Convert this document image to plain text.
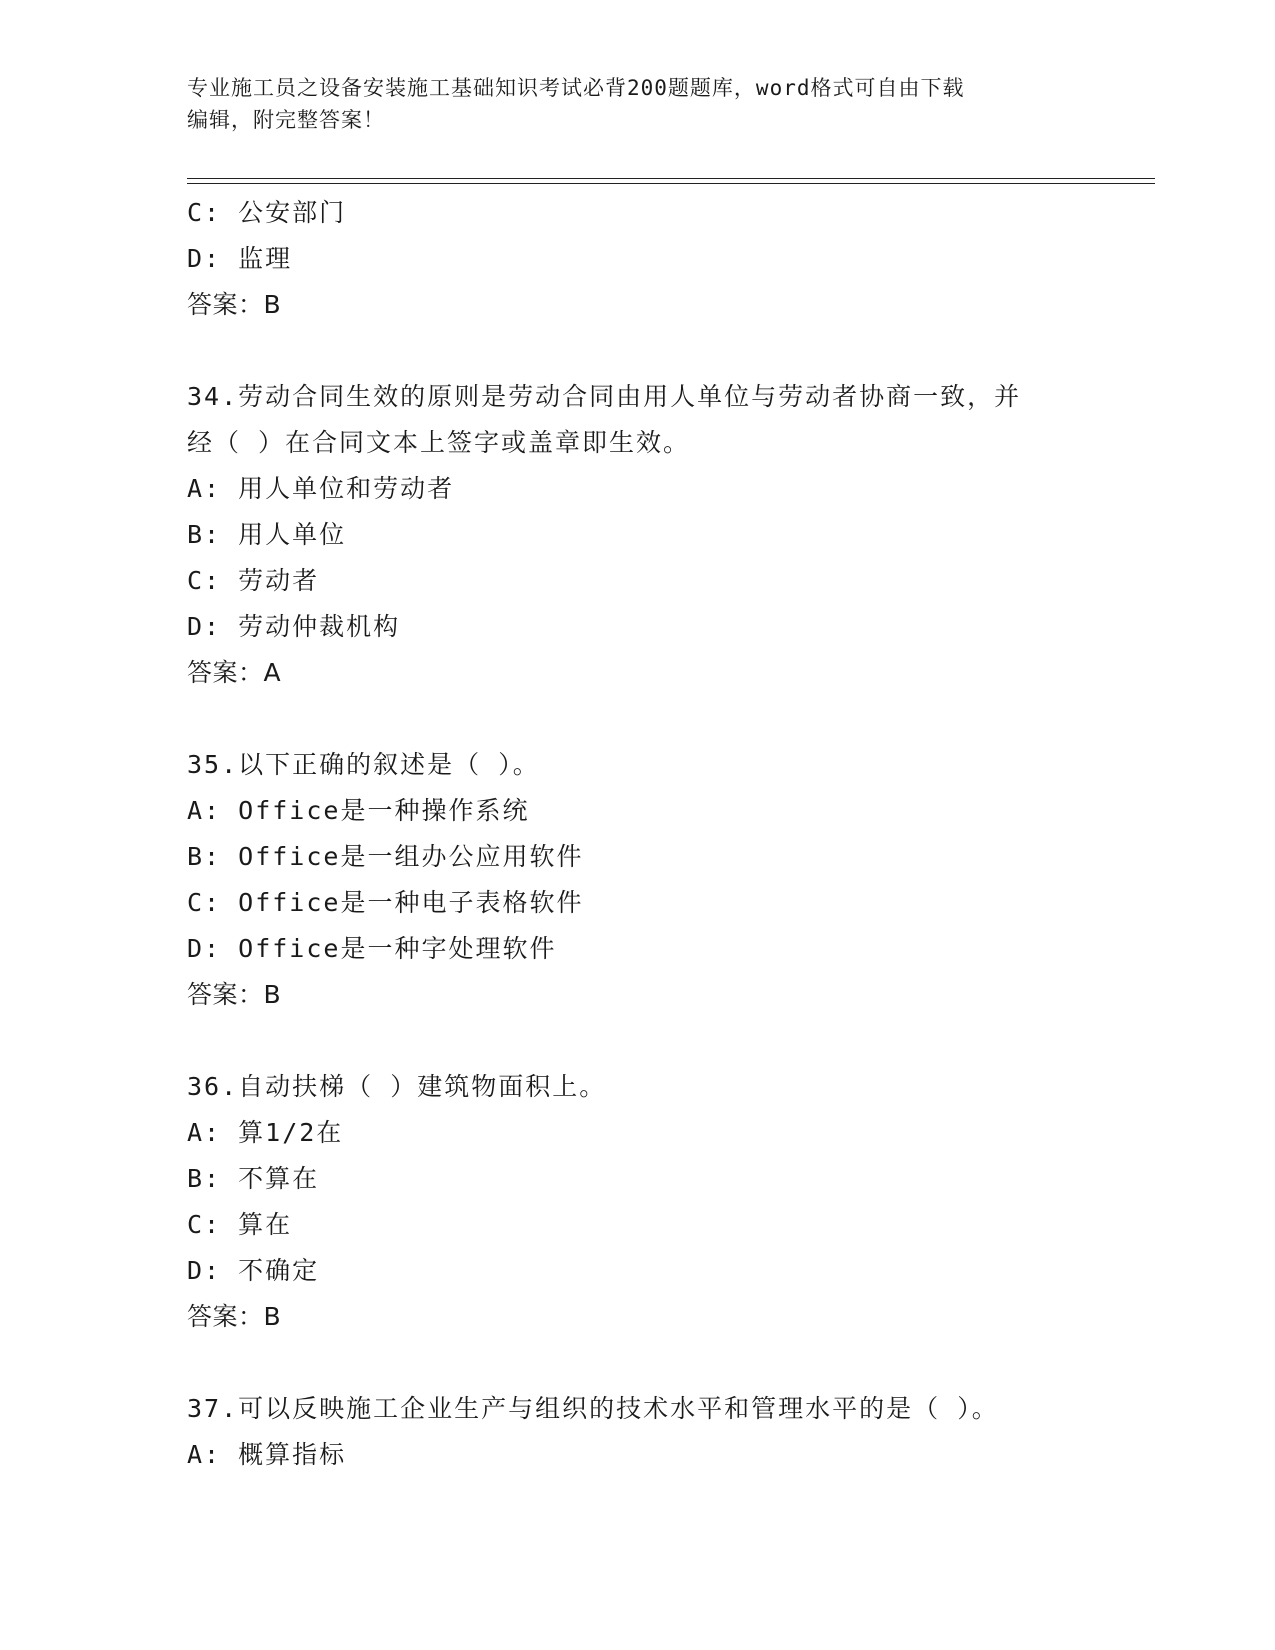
专业施工员之设备安装施工基础知识考试必背200题题库，word格式可自由下载
编辑，附完整答案！
C: 公安部门
D: 监理
答案：B
34.劳动合同生效的原则是劳动合同由用人单位与劳动者协商一致，并
经（ ）在合同文本上签字或盖章即生效。
A: 用人单位和劳动者
B: 用人单位
C: 劳动者
D: 劳动仲裁机构
答案：A
35.以下正确的叙述是（ ）。
A: Office是一种操作系统
B: Office是一组办公应用软件
C: Office是一种电子表格软件
D: Office是一种字处理软件
答案：B
36.自动扶梯（ ）建筑物面积上。
A: 算1/2在
B: 不算在
C: 算在
D: 不确定
答案：B
37.可以反映施工企业生产与组织的技术水平和管理水平的是（ ）。
A: 概算指标
